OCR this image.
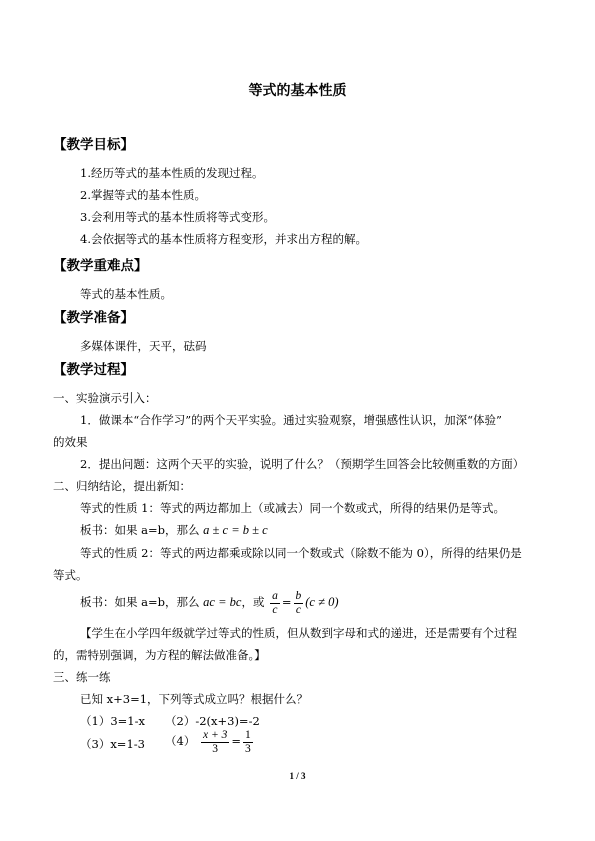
等式的基本性质
【教学目标】
1.经历等式的基本性质的发现过程。
2.掌握等式的基本性质。
3.会利用等式的基本性质将等式变形。
4.会依据等式的基本性质将方程变形，并求出方程的解。
【教学重难点】
等式的基本性质。
【教学准备】
多媒体课件，天平，砝码
【教学过程】
一、实验演示引入：
1．做课本“合作学习”的两个天平实验。通过实验观察，增强感性认识，加深“体验”
的效果
2．提出问题：这两个天平的实验，说明了什么？（预期学生回答会比较侧重数的方面）
二、归纳结论，提出新知：
等式的性质 1：等式的两边都加上（或减去）同一个数或式，所得的结果仍是等式。
板书：如果 a=b，那么 a ± c = b ± c
等式的性质 2：等式的两边都乘或除以同一个数或式（除数不能为 0），所得的结果仍是
等式。
板书：如果 a=b，那么 ac = bc，或 $\frac{a}{c} = \frac{b}{c} (c \ne 0)$
【学生在小学四年级就学过等式的性质，但从数到字母和式的递进，还是需要有个过程
的，需特别强调，为方程的解法做准备。】
三、练一练
已知 x+3=1，下列等式成立吗？根据什么？
（1）3=1-x （2）-2(x+3)=-2
（3）x=1-3 $(4) \frac{x + 3}{3} = \frac{1}{3}$
1 / 3
